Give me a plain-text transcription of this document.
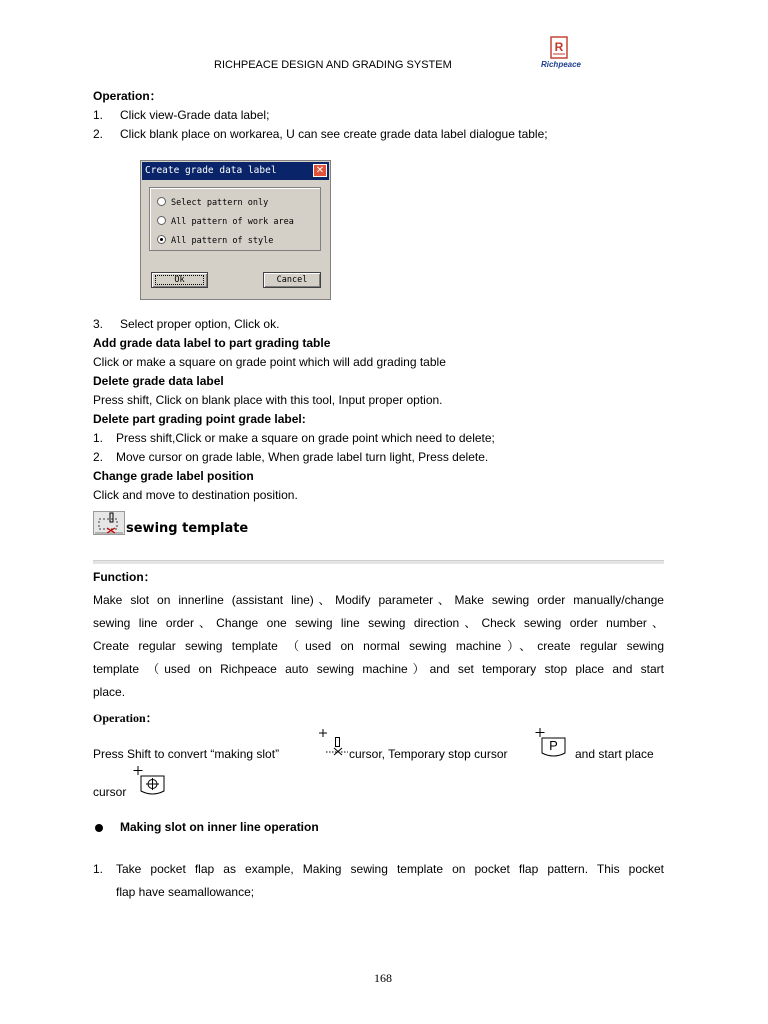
RICHPEACE DESIGN AND GRADING SYSTEM
R
Richpeace
Operation：
1. Click view-Grade data label;
2. Click blank place on workarea, U can see create grade data label dialogue table;
Create grade data label	✕
Select pattern only
All pattern of work area
All pattern of style
Ok	Cancel
3. Select proper option, Click ok.
Add grade data label to part grading table
Click or make a square on grade point which will add grading table
Delete grade data label
Press shift, Click on blank place with this tool, Input proper option.
Delete part grading point grade label:
1. Press shift,Click or make a square on grade point which need to delete;
2. Move cursor on grade lable, When grade label turn light, Press delete.
Change grade label position
Click and move to destination position.
sewing template
Function：
Make slot on innerline (assistant line)、Modify parameter、Make sewing order manually/change
sewing line order、Change one sewing line sewing direction、Check sewing order number、
Create regular sewing template （used on normal sewing machine）、create regular sewing
template （used on Richpeace auto sewing machine）and set temporary stop place and start
place.
Operation：
Press Shift to convert “making slot”	cursor, Temporary stop cursor
P
and start place
cursor
Making slot on inner line operation
1. Take pocket flap as example, Making sewing template on pocket flap pattern. This pocket
flap have seamallowance;
168
